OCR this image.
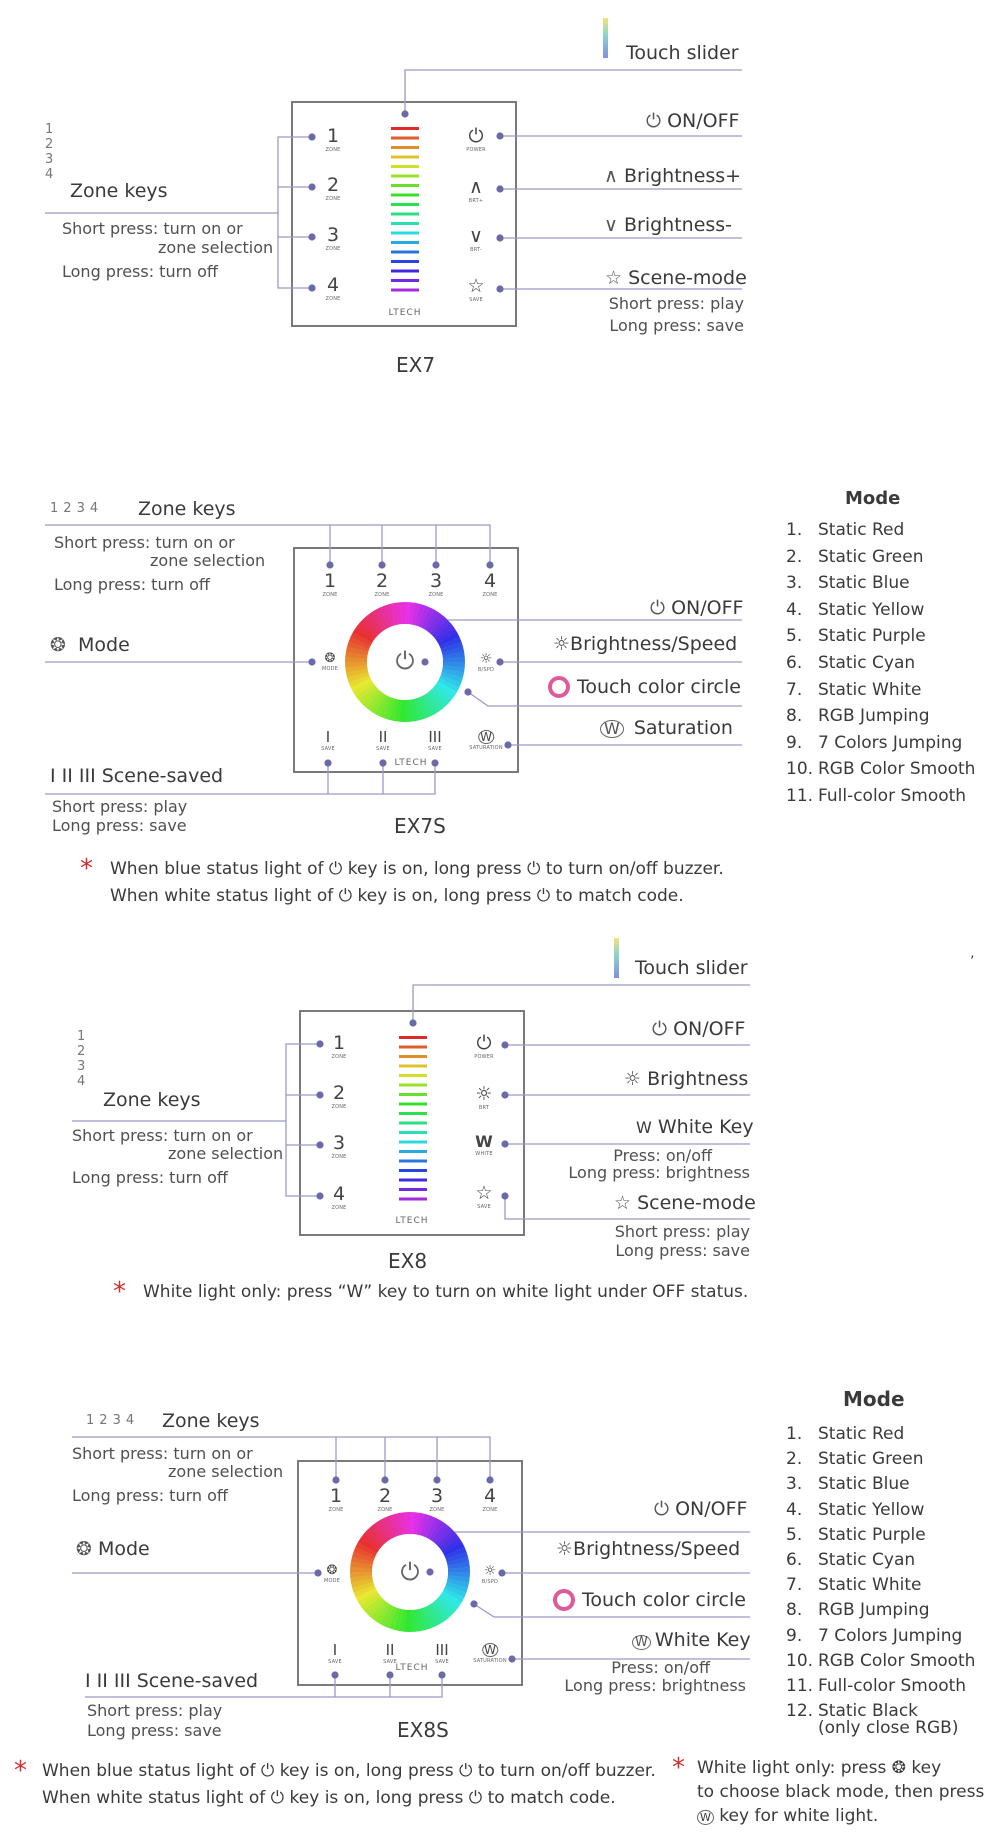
Touch slider
⏻ ON/OFF
∧ Brightness+
∨ Brightness-
☆ Scene-mode
Short press: play
Long press: save
EX7
1
2
3
4
Zone keys
Short press: turn on or
zone selection
Long press: turn off
1
ZONE
2
ZONE
3
ZONE
4
ZONE
⏻
POWER
∧
BRT+
∨
BRT-
☆
SAVE
LTECH
1234 Zone keys
Short press: turn on or
zone selection
Long press: turn off
❂ Mode
I II III Scene-saved
Short press: play
Long press: save
⏻ ON/OFF
☼Brightness/Speed
Touch color circle
W Saturation
EX7S
1
ZONE
2
ZONE
3
ZONE
4
ZONE
❂
MODE
☼
B/SPD
I
SAVE
II
SAVE
III
SAVE
W
SATURATION
LTECH
⏻
Mode
1. Static Red
2. Static Green
3. Static Blue
4. Static Yellow
5. Static Purple
6. Static Cyan
7. Static White
8. RGB Jumping
9. 7 Colors Jumping
10. RGB Color Smooth
11. Full-color Smooth
* When blue status light of ⏻ key is on, long press ⏻ to turn on/off buzzer.
When white status light of ⏻ key is on, long press ⏻ to match code.
Touch slider	’
⏻ ON/OFF
☼ Brightness
W White Key
Press: on/off
Long press: brightness
☆ Scene-mode
Short press: play
Long press: save
EX8
1
2
3
4
Zone keys
Short press: turn on or
zone selection
Long press: turn off
1
ZONE
2
ZONE
3
ZONE
4
ZONE
⏻
POWER
☼
BRT
W
WHITE
☆
SAVE
LTECH
* White light only: press “W” key to turn on white light under OFF status.
1234 Zone keys
Short press: turn on or
zone selection
Long press: turn off
❂ Mode
I II III Scene-saved
Short press: play
Long press: save
⏻ ON/OFF
☼Brightness/Speed
Touch color circle
W White Key
Press: on/off
Long press: brightness
EX8S
1
ZONE
2
ZONE
3
ZONE
4
ZONE
❂
MODE
☼
B/SPD
I
SAVE
II
SAVE
III
SAVE
W
SATURATION
LTECH
⏻
Mode
1. Static Red
2. Static Green
3. Static Blue
4. Static Yellow
5. Static Purple
6. Static Cyan
7. Static White
8. RGB Jumping
9. 7 Colors Jumping
10. RGB Color Smooth
11. Full-color Smooth
12. Static Black
(only close RGB)
* When blue status light of ⏻ key is on, long press ⏻ to turn on/off buzzer.
When white status light of ⏻ key is on, long press ⏻ to match code.
* White light only: press ❂ key
to choose black mode, then press
W key for white light.
